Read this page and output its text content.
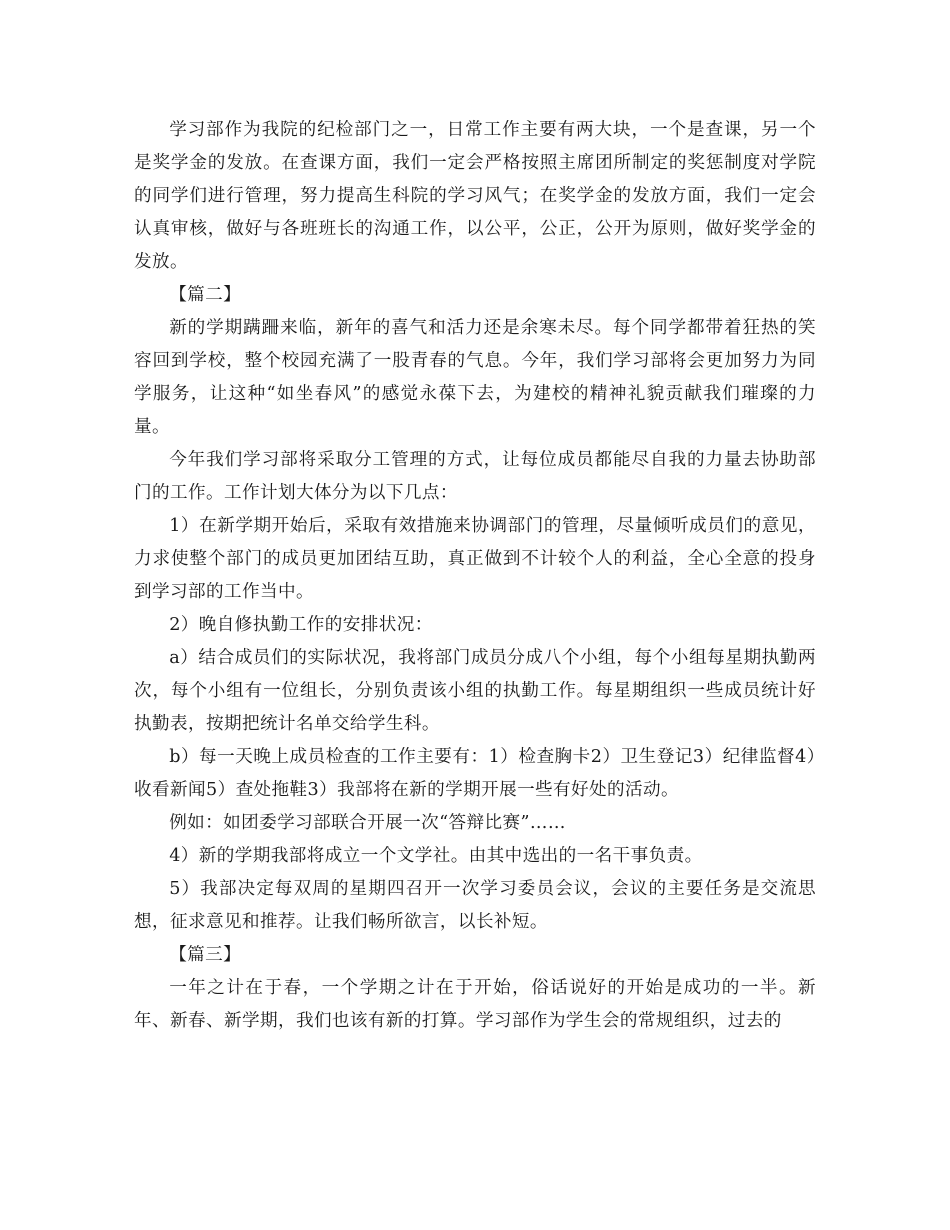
学习部作为我院的纪检部门之一，日常工作主要有两大块，一个是查课，另一个是奖学金的发放。在查课方面，我们一定会严格按照主席团所制定的奖惩制度对学院的同学们进行管理，努力提高生科院的学习风气；在奖学金的发放方面，我们一定会认真审核，做好与各班班长的沟通工作，以公平，公正，公开为原则，做好奖学金的发放。

【篇二】

新的学期蹒跚来临，新年的喜气和活力还是余寒未尽。每个同学都带着狂热的笑容回到学校，整个校园充满了一股青春的气息。今年，我们学习部将会更加努力为同学服务，让这种“如坐春风”的感觉永葆下去，为建校的精神礼貌贡献我们璀璨的力量。

今年我们学习部将采取分工管理的方式，让每位成员都能尽自我的力量去协助部门的工作。工作计划大体分为以下几点：

1）在新学期开始后，采取有效措施来协调部门的管理，尽量倾听成员们的意见，力求使整个部门的成员更加团结互助，真正做到不计较个人的利益，全心全意的投身到学习部的工作当中。

2）晚自修执勤工作的安排状况：

a）结合成员们的实际状况，我将部门成员分成八个小组，每个小组每星期执勤两次，每个小组有一位组长，分别负责该小组的执勤工作。每星期组织一些成员统计好执勤表，按期把统计名单交给学生科。

b）每一天晚上成员检查的工作主要有：1）检查胸卡2）卫生登记3）纪律监督4）收看新闻5）查处拖鞋3）我部将在新的学期开展一些有好处的活动。

例如：如团委学习部联合开展一次“答辩比赛”……

4）新的学期我部将成立一个文学社。由其中选出的一名干事负责。

5）我部决定每双周的星期四召开一次学习委员会议，会议的主要任务是交流思想，征求意见和推荐。让我们畅所欲言，以长补短。

【篇三】

一年之计在于春，一个学期之计在于开始，俗话说好的开始是成功的一半。新年、新春、新学期，我们也该有新的打算。学习部作为学生会的常规组织，过去的
